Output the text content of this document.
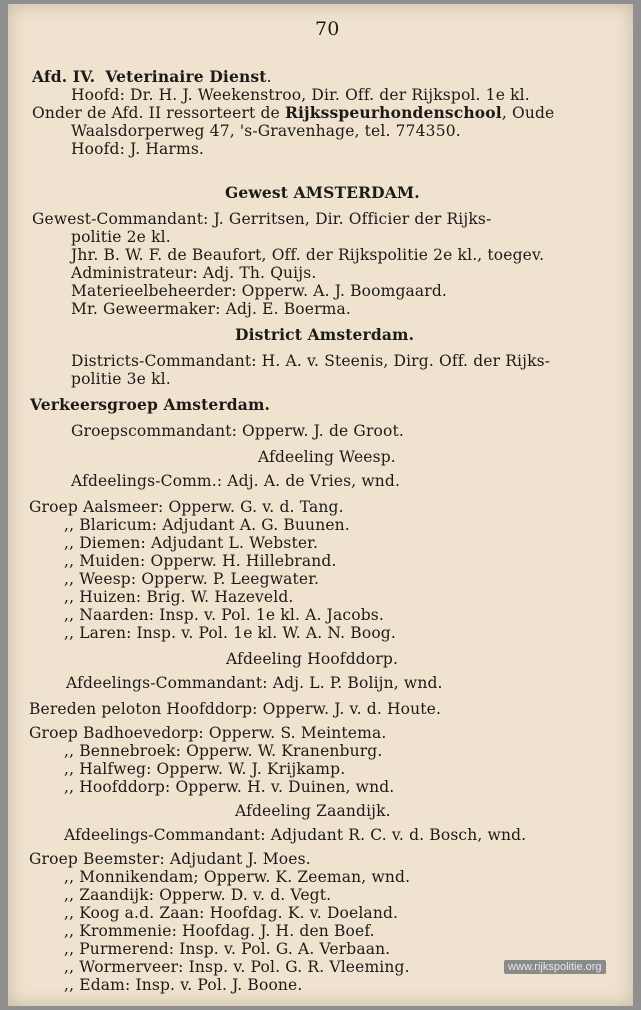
70
Afd. IV. Veterinaire Dienst.
Hoofd: Dr. H. J. Weekenstroo, Dir. Off. der Rijkspol. 1e kl.
Onder de Afd. II ressorteert de Rijksspeurhondenschool, Oude
Waalsdorperweg 47, 's-Gravenhage, tel. 774350.
Hoofd: J. Harms.
Gewest AMSTERDAM.
Gewest-Commandant: J. Gerritsen, Dir. Officier der Rijks-
politie 2e kl.
Jhr. B. W. F. de Beaufort, Off. der Rijkspolitie 2e kl., toegev.
Administrateur: Adj. Th. Quijs.
Materieelbeheerder: Opperw. A. J. Boomgaard.
Mr. Geweermaker: Adj. E. Boerma.
District Amsterdam.
Districts-Commandant: H. A. v. Steenis, Dirg. Off. der Rijks-
politie 3e kl.
Verkeersgroep Amsterdam.
Groepscommandant: Opperw. J. de Groot.
Afdeeling Weesp.
Afdeelings-Comm.: Adj. A. de Vries, wnd.
Groep Aalsmeer: Opperw. G. v. d. Tang.
,, Blaricum: Adjudant A. G. Buunen.
,, Diemen: Adjudant L. Webster.
,, Muiden: Opperw. H. Hillebrand.
,, Weesp: Opperw. P. Leegwater.
,, Huizen: Brig. W. Hazeveld.
,, Naarden: Insp. v. Pol. 1e kl. A. Jacobs.
,, Laren: Insp. v. Pol. 1e kl. W. A. N. Boog.
Afdeeling Hoofddorp.
Afdeelings-Commandant: Adj. L. P. Bolijn, wnd.
Bereden peloton Hoofddorp: Opperw. J. v. d. Houte.
Groep Badhoevedorp: Opperw. S. Meintema.
,, Bennebroek: Opperw. W. Kranenburg.
,, Halfweg: Opperw. W. J. Krijkamp.
,, Hoofddorp: Opperw. H. v. Duinen, wnd.
Afdeeling Zaandijk.
Afdeelings-Commandant: Adjudant R. C. v. d. Bosch, wnd.
Groep Beemster: Adjudant J. Moes.
,, Monnikendam; Opperw. K. Zeeman, wnd.
,, Zaandijk: Opperw. D. v. d. Vegt.
,, Koog a.d. Zaan: Hoofdag. K. v. Doeland.
,, Krommenie: Hoofdag. J. H. den Boef.
,, Purmerend: Insp. v. Pol. G. A. Verbaan.
,, Wormerveer: Insp. v. Pol. G. R. Vleeming.
,, Edam: Insp. v. Pol. J. Boone.
www.rijkspolitie.org
